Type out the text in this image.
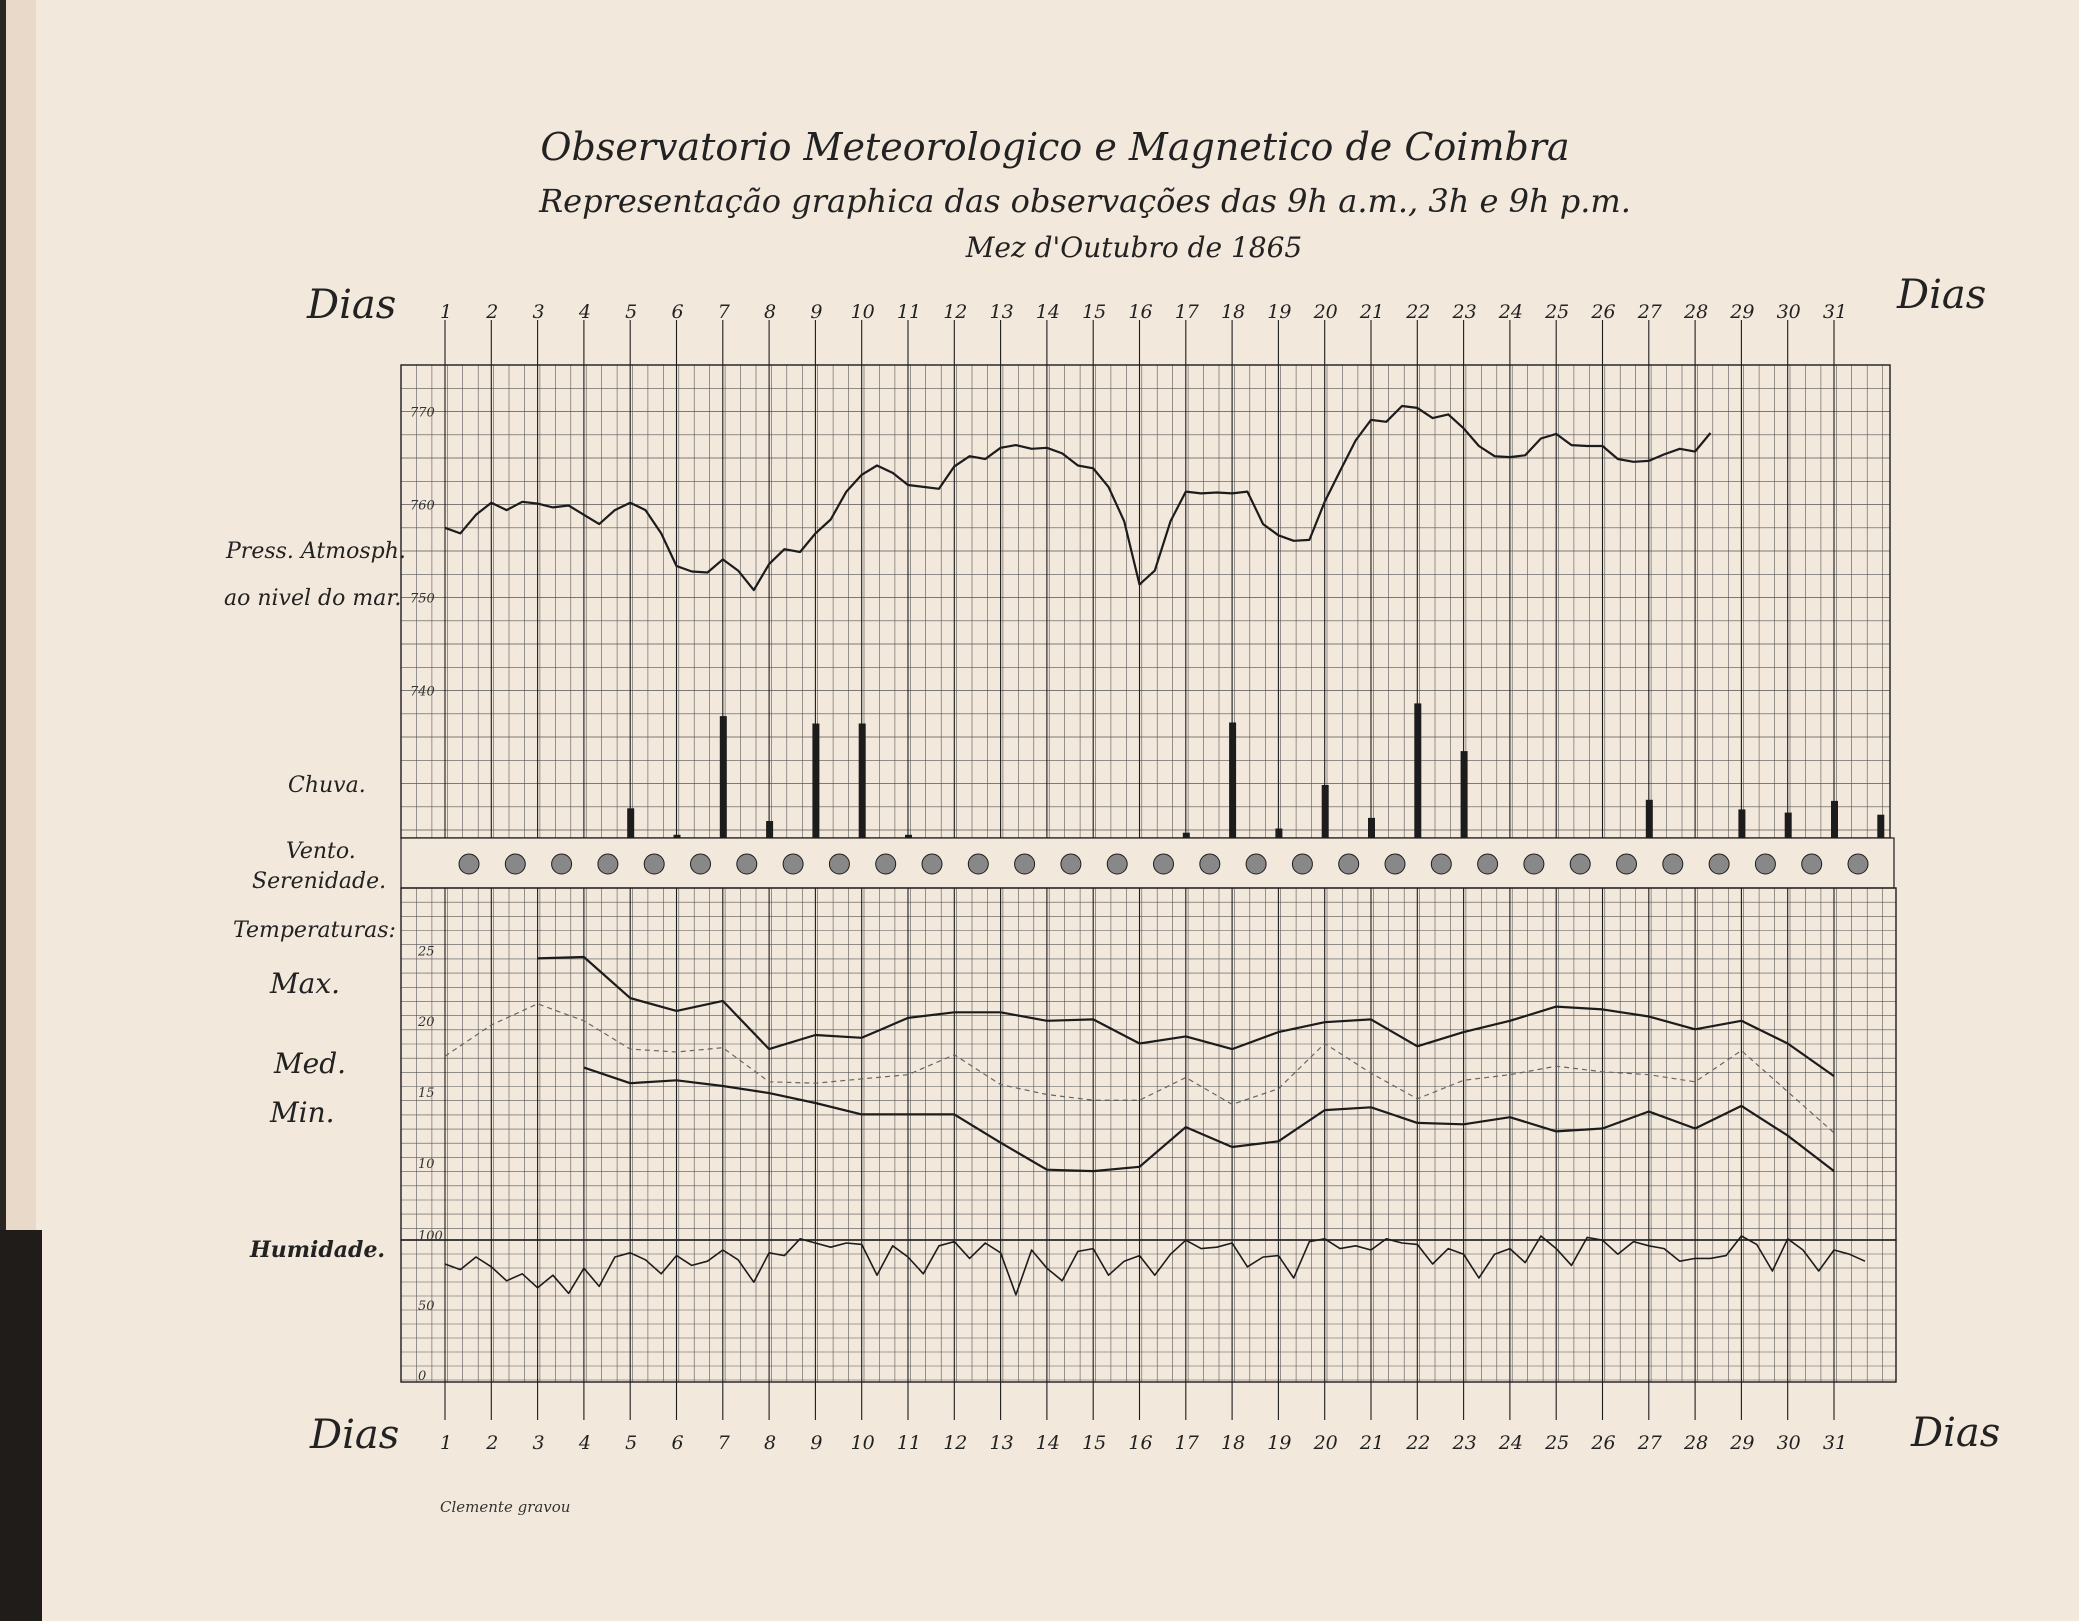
Observatorio Meteorologico e Magnetico de Coimbra
Representação graphica das observações das 9h a.m., 3h e 9h p.m.
Mez d'Outubro de 1865
Dias	Dias
Dias	Dias
Press. Atmosph.
ao nivel do mar.
Chuva.
Vento.
Serenidade.
Temperaturas:
Max.
Med.
Min.
Humidade.
Clemente gravou
1
1
2
2
3
3
4
4
5
5
6
6
7
7
8
8
9
9
10
10
11
11
12
12
13
13
14
14
15
15
16
16
17
17
18
18
19
19
20
20
21
21
22
22
23
23
24
24
25
25
26
26
27
27
28
28
29
29
30
30
31
31
770
760
750
740
25
20
15
10
100
50
0
